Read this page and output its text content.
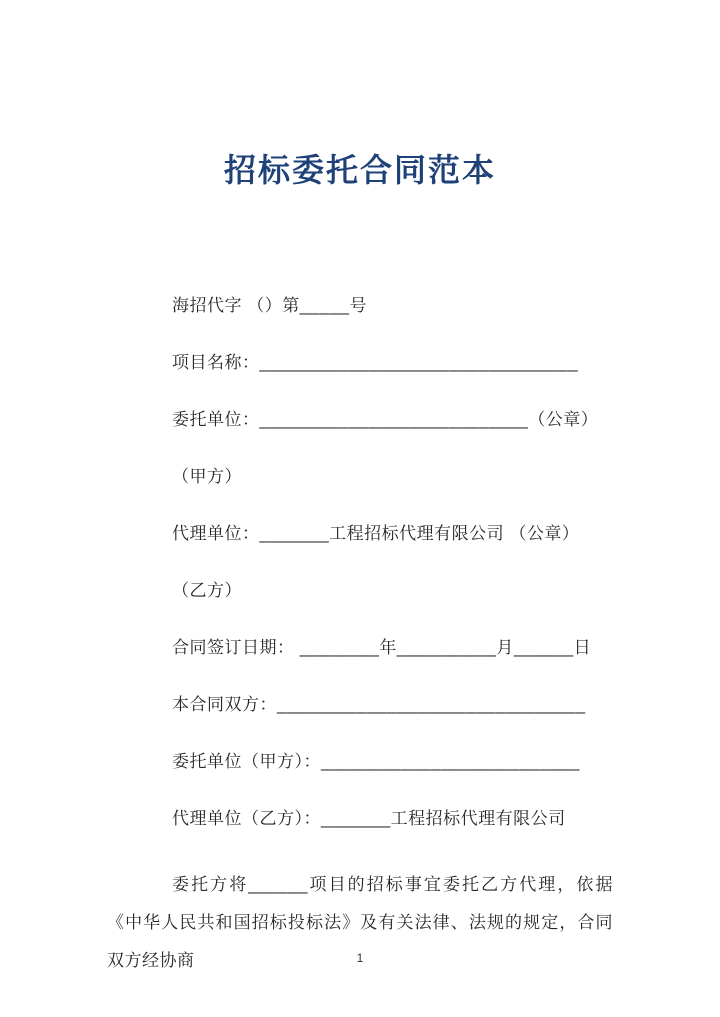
招标委托合同范本
海招代字 （）第_____号
项目名称：________________________________
委托单位：___________________________（公章）
（甲方）
代理单位：_______工程招标代理有限公司 （公章）
（乙方）
合同签订日期： ________年__________月______日
本合同双方：_______________________________
委托单位（甲方）：__________________________
代理单位（乙方）：_______工程招标代理有限公司

委托方将______项目的招标事宜委托乙方代理，依据《中华人民共和国招标投标法》及有关法律、法规的规定，合同双方经协商	1
